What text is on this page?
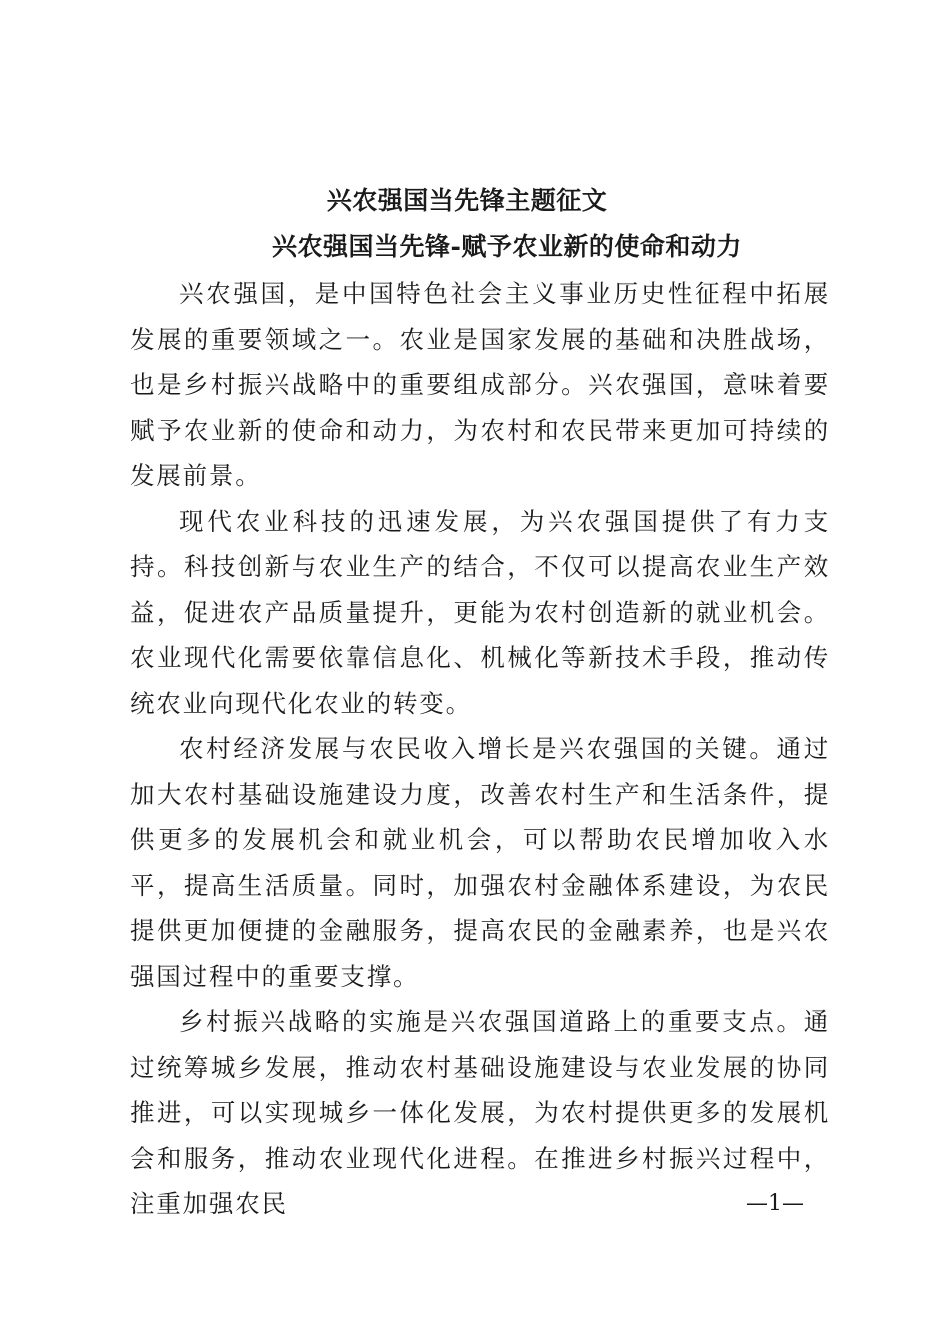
兴农强国当先锋主题征文
兴农强国当先锋-赋予农业新的使命和动力

兴农强国，是中国特色社会主义事业历史性征程中拓展发展的重要领域之一。农业是国家发展的基础和决胜战场，也是乡村振兴战略中的重要组成部分。兴农强国，意味着要赋予农业新的使命和动力，为农村和农民带来更加可持续的发展前景。

现代农业科技的迅速发展，为兴农强国提供了有力支持。科技创新与农业生产的结合，不仅可以提高农业生产效益，促进农产品质量提升，更能为农村创造新的就业机会。农业现代化需要依靠信息化、机械化等新技术手段，推动传统农业向现代化农业的转变。

农村经济发展与农民收入增长是兴农强国的关键。通过加大农村基础设施建设力度，改善农村生产和生活条件，提供更多的发展机会和就业机会，可以帮助农民增加收入水平，提高生活质量。同时，加强农村金融体系建设，为农民提供更加便捷的金融服务，提高农民的金融素养，也是兴农强国过程中的重要支撑。

乡村振兴战略的实施是兴农强国道路上的重要支点。通过统筹城乡发展，推动农村基础设施建设与农业发展的协同推进，可以实现城乡一体化发展，为农村提供更多的发展机会和服务，推动农业现代化进程。在推进乡村振兴过程中，注重加强农民	—1—
